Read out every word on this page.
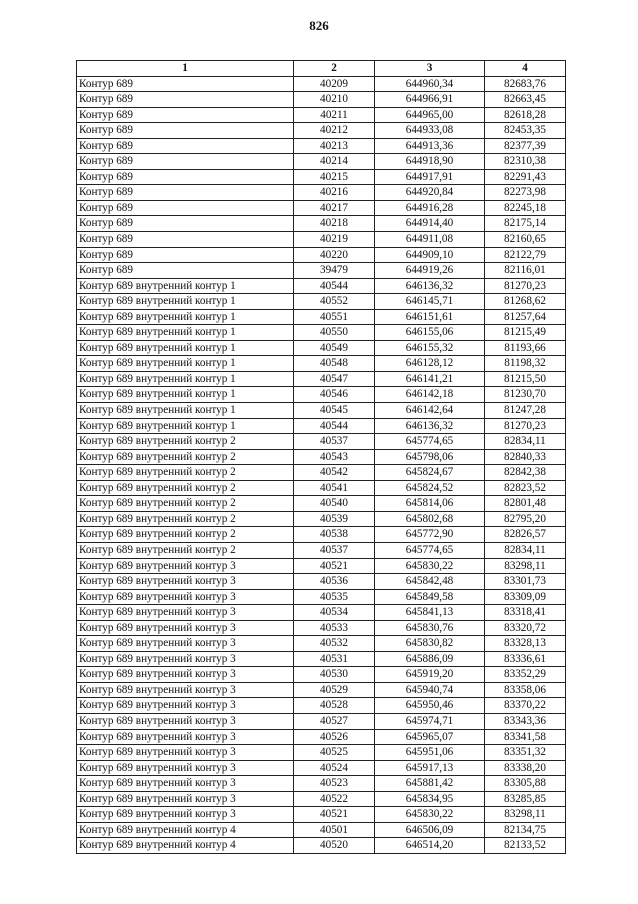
826
1	2	3	4
Контур 689	40209	644960,34	82683,76
Контур 689	40210	644966,91	82663,45
Контур 689	40211	644965,00	82618,28
Контур 689	40212	644933,08	82453,35
Контур 689	40213	644913,36	82377,39
Контур 689	40214	644918,90	82310,38
Контур 689	40215	644917,91	82291,43
Контур 689	40216	644920,84	82273,98
Контур 689	40217	644916,28	82245,18
Контур 689	40218	644914,40	82175,14
Контур 689	40219	644911,08	82160,65
Контур 689	40220	644909,10	82122,79
Контур 689	39479	644919,26	82116,01
Контур 689 внутренний контур 1	40544	646136,32	81270,23
Контур 689 внутренний контур 1	40552	646145,71	81268,62
Контур 689 внутренний контур 1	40551	646151,61	81257,64
Контур 689 внутренний контур 1	40550	646155,06	81215,49
Контур 689 внутренний контур 1	40549	646155,32	81193,66
Контур 689 внутренний контур 1	40548	646128,12	81198,32
Контур 689 внутренний контур 1	40547	646141,21	81215,50
Контур 689 внутренний контур 1	40546	646142,18	81230,70
Контур 689 внутренний контур 1	40545	646142,64	81247,28
Контур 689 внутренний контур 1	40544	646136,32	81270,23
Контур 689 внутренний контур 2	40537	645774,65	82834,11
Контур 689 внутренний контур 2	40543	645798,06	82840,33
Контур 689 внутренний контур 2	40542	645824,67	82842,38
Контур 689 внутренний контур 2	40541	645824,52	82823,52
Контур 689 внутренний контур 2	40540	645814,06	82801,48
Контур 689 внутренний контур 2	40539	645802,68	82795,20
Контур 689 внутренний контур 2	40538	645772,90	82826,57
Контур 689 внутренний контур 2	40537	645774,65	82834,11
Контур 689 внутренний контур 3	40521	645830,22	83298,11
Контур 689 внутренний контур 3	40536	645842,48	83301,73
Контур 689 внутренний контур 3	40535	645849,58	83309,09
Контур 689 внутренний контур 3	40534	645841,13	83318,41
Контур 689 внутренний контур 3	40533	645830,76	83320,72
Контур 689 внутренний контур 3	40532	645830,82	83328,13
Контур 689 внутренний контур 3	40531	645886,09	83336,61
Контур 689 внутренний контур 3	40530	645919,20	83352,29
Контур 689 внутренний контур 3	40529	645940,74	83358,06
Контур 689 внутренний контур 3	40528	645950,46	83370,22
Контур 689 внутренний контур 3	40527	645974,71	83343,36
Контур 689 внутренний контур 3	40526	645965,07	83341,58
Контур 689 внутренний контур 3	40525	645951,06	83351,32
Контур 689 внутренний контур 3	40524	645917,13	83338,20
Контур 689 внутренний контур 3	40523	645881,42	83305,88
Контур 689 внутренний контур 3	40522	645834,95	83285,85
Контур 689 внутренний контур 3	40521	645830,22	83298,11
Контур 689 внутренний контур 4	40501	646506,09	82134,75
Контур 689 внутренний контур 4	40520	646514,20	82133,52
